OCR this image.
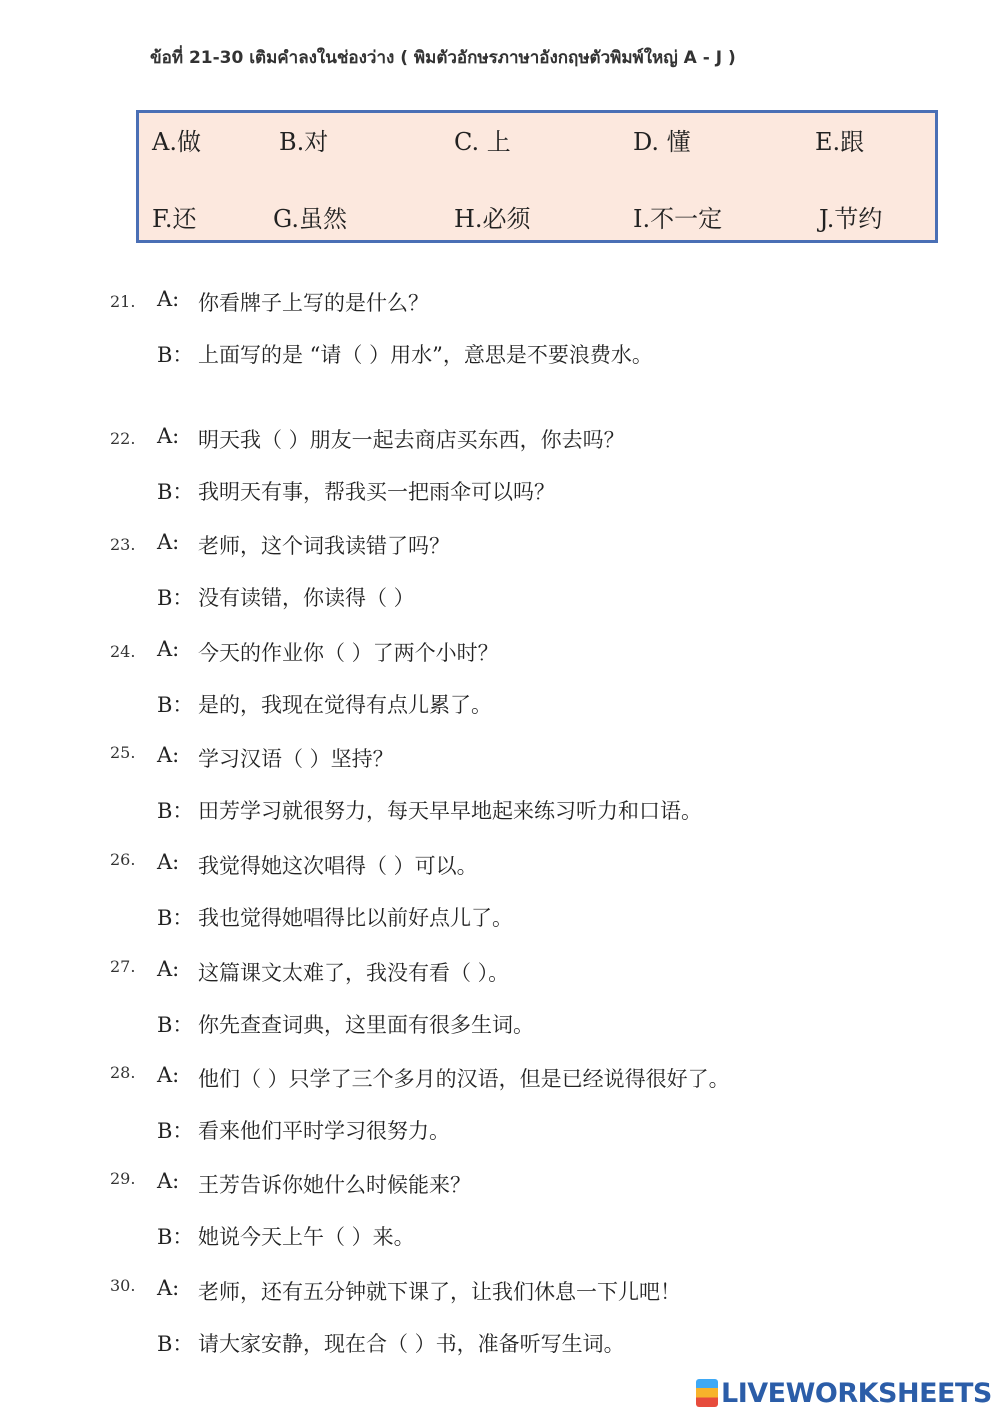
ข้อที่ 21-30 เติมคำลงในช่องว่าง ( พิมตัวอักษรภาษาอังกฤษตัวพิมพ์ใหญ่ A - J )
A.做	B.对	C. 上	D. 懂	E.跟
F.还	G.虽然	H.必须	I.不一定	J.节约
21. A: 你看牌子上写的是什么？
B： 上面写的是 “请（ ）用水”，意思是不要浪费水。
22. A: 明天我（ ）朋友一起去商店买东西，你去吗？
B： 我明天有事，帮我买一把雨伞可以吗？
23. A: 老师，这个词我读错了吗？
B： 没有读错，你读得（ ）
24. A: 今天的作业你（ ）了两个小时？
B： 是的，我现在觉得有点儿累了。
25. A: 学习汉语（ ）坚持？
B： 田芳学习就很努力，每天早早地起来练习听力和口语。
26. A: 我觉得她这次唱得（ ）可以。
B： 我也觉得她唱得比以前好点儿了。
27. A: 这篇课文太难了，我没有看（ ）。
B： 你先查查词典，这里面有很多生词。
28. A: 他们（ ）只学了三个多月的汉语，但是已经说得很好了。
B： 看来他们平时学习很努力。
29. A: 王芳告诉你她什么时候能来？
B： 她说今天上午（ ）来。
30. A: 老师，还有五分钟就下课了，让我们休息一下儿吧！
B： 请大家安静，现在合（ ）书，准备听写生词。
LIVEWORKSHEETS
